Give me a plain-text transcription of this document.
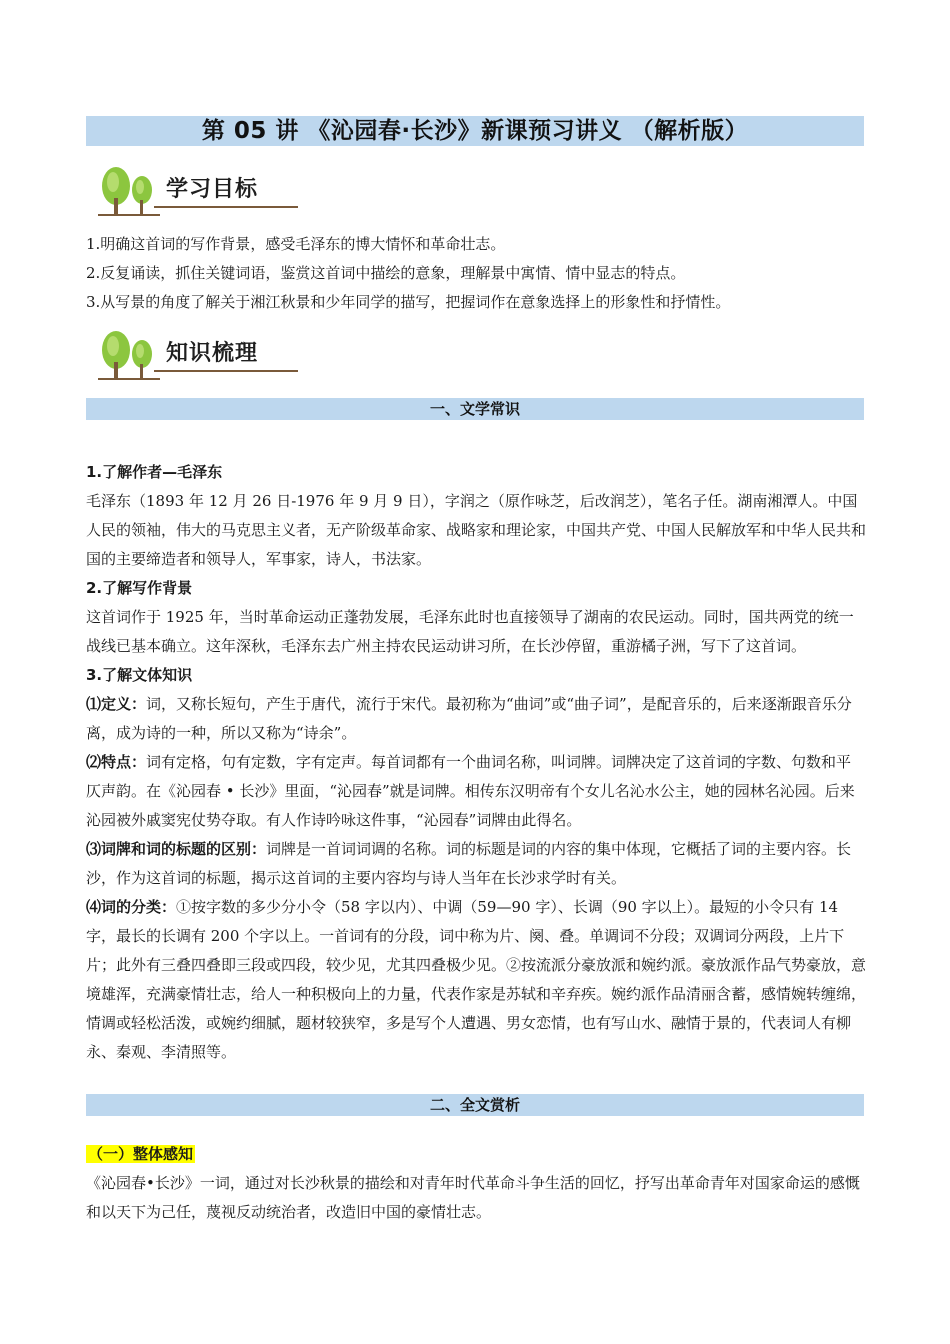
第 05 讲 《沁园春·长沙》新课预习讲义 （解析版）
学习目标

1.明确这首词的写作背景，感受毛泽东的博大情怀和革命壮志。

2.反复诵读，抓住关键词语，鉴赏这首词中描绘的意象，理解景中寓情、情中显志的特点。

3.从写景的角度了解关于湘江秋景和少年同学的描写，把握词作在意象选择上的形象性和抒情性。

知识梳理
一、文学常识

1.了解作者—毛泽东

毛泽东（1893 年 12 月 26 日-1976 年 9 月 9 日），字润之（原作咏芝，后改润芝），笔名子任。湖南湘潭人。中国人民的领袖，伟大的马克思主义者，无产阶级革命家、战略家和理论家，中国共产党、中国人民解放军和中华人民共和国的主要缔造者和领导人，军事家，诗人，书法家。

2.了解写作背景

这首词作于 1925 年，当时革命运动正蓬勃发展，毛泽东此时也直接领导了湖南的农民运动。同时，国共两党的统一战线已基本确立。这年深秋，毛泽东去广州主持农民运动讲习所，在长沙停留，重游橘子洲，写下了这首词。

3.了解文体知识

⑴定义：词，又称长短句，产生于唐代，流行于宋代。最初称为“曲词”或“曲子词”，是配音乐的，后来逐渐跟音乐分离，成为诗的一种，所以又称为“诗余”。

⑵特点：词有定格，句有定数，字有定声。每首词都有一个曲词名称，叫词牌。词牌决定了这首词的字数、句数和平仄声韵。在《沁园春 • 长沙》里面，“沁园春”就是词牌。相传东汉明帝有个女儿名沁水公主，她的园林名沁园。后来沁园被外戚窦宪仗势夺取。有人作诗吟咏这件事，“沁园春”词牌由此得名。

⑶词牌和词的标题的区别：词牌是一首词词调的名称。词的标题是词的内容的集中体现，它概括了词的主要内容。长沙，作为这首词的标题，揭示这首词的主要内容均与诗人当年在长沙求学时有关。

⑷词的分类：①按字数的多少分小令（58 字以内）、中调（59—90 字）、长调（90 字以上）。最短的小令只有 14 字，最长的长调有 200 个字以上。一首词有的分段，词中称为片、阕、叠。单调词不分段；双调词分两段，上片下片；此外有三叠四叠即三段或四段，较少见，尤其四叠极少见。②按流派分豪放派和婉约派。豪放派作品气势豪放，意境雄浑，充满豪情壮志，给人一种积极向上的力量，代表作家是苏轼和辛弃疾。婉约派作品清丽含蓄，感情婉转缠绵，情调或轻松活泼，或婉约细腻，题材较狭窄，多是写个人遭遇、男女恋情，也有写山水、融情于景的，代表词人有柳永、秦观、李清照等。

二、全文赏析

（一）整体感知

《沁园春•长沙》一词，通过对长沙秋景的描绘和对青年时代革命斗争生活的回忆，抒写出革命青年对国家命运的感慨和以天下为己任，蔑视反动统治者，改造旧中国的豪情壮志。
